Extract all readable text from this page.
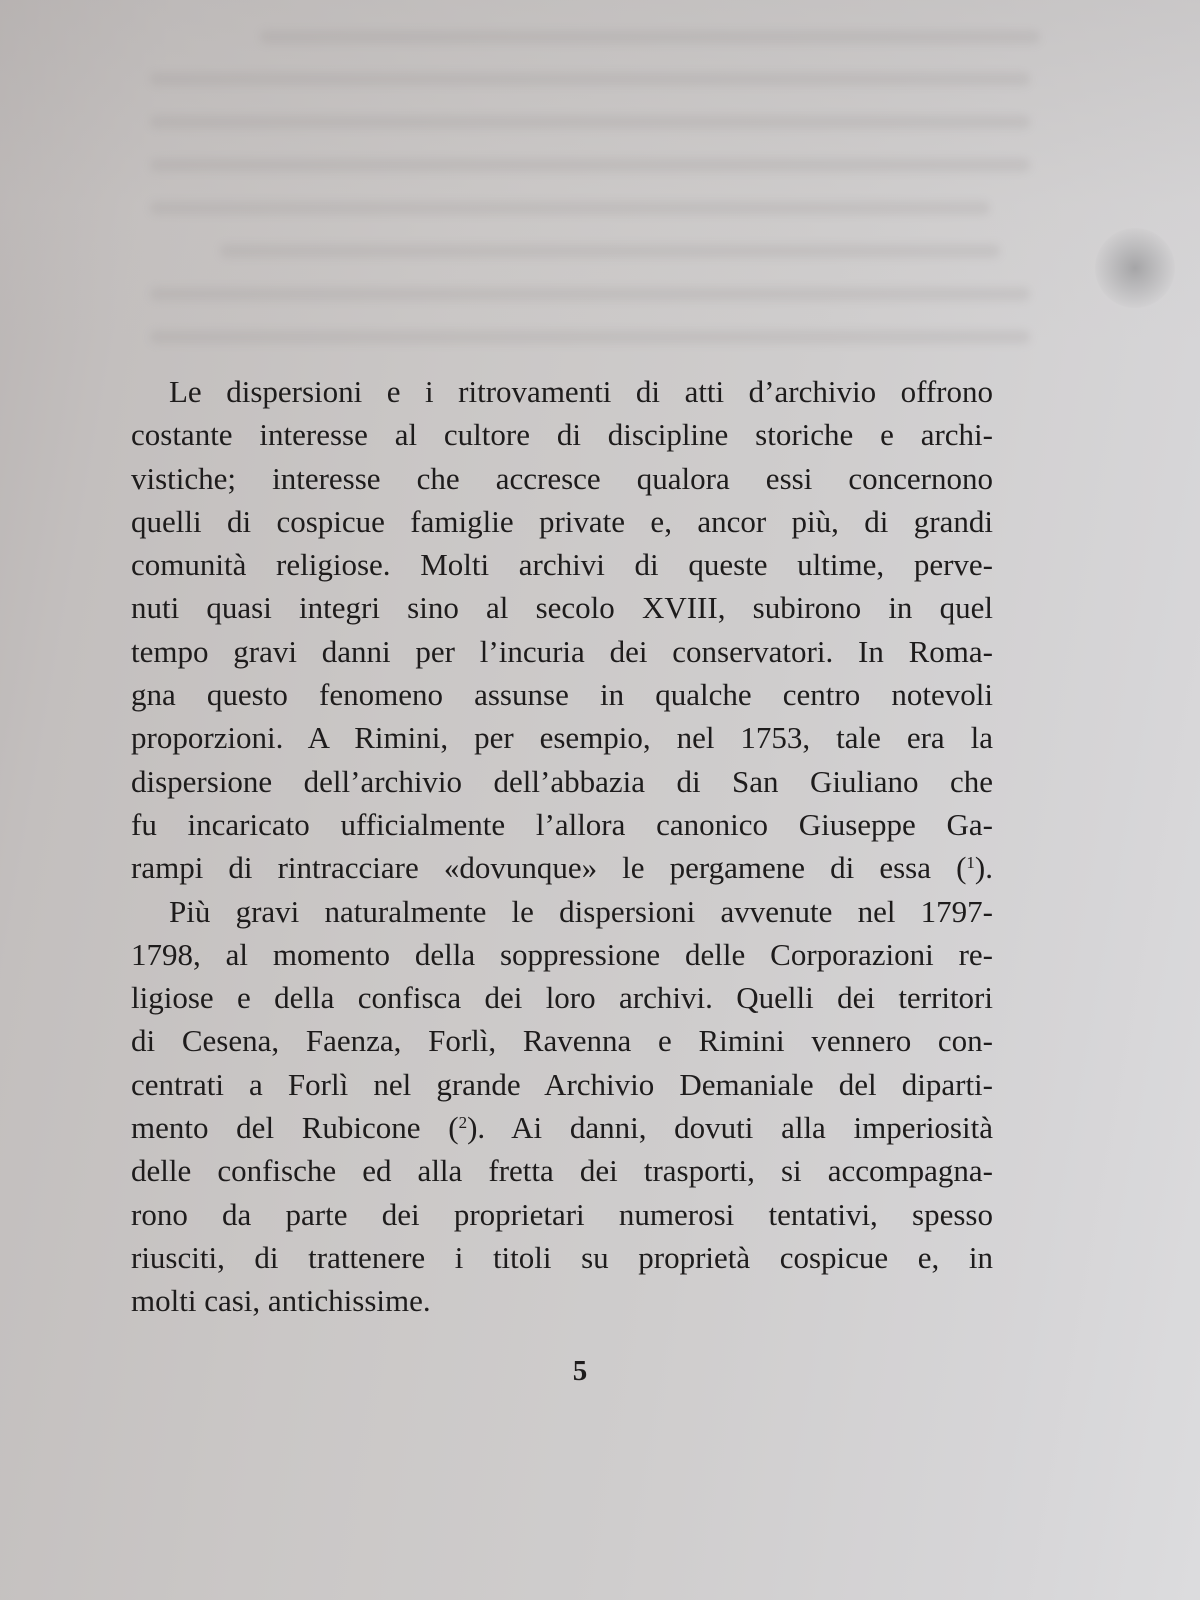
Le dispersioni e i ritrovamenti di atti d’archivio offrono
costante interesse al cultore di discipline storiche e archi-
vistiche; interesse che accresce qualora essi concernono
quelli di cospicue famiglie private e, ancor più, di grandi
comunità religiose. Molti archivi di queste ultime, perve-
nuti quasi integri sino al secolo XVIII, subirono in quel
tempo gravi danni per l’incuria dei conservatori. In Roma-
gna questo fenomeno assunse in qualche centro notevoli
proporzioni. A Rimini, per esempio, nel 1753, tale era la
dispersione dell’archivio dell’abbazia di San Giuliano che
fu incaricato ufficialmente l’allora canonico Giuseppe Ga-
rampi di rintracciare «dovunque» le pergamene di essa ($^1$).
Più gravi naturalmente le dispersioni avvenute nel 1797-
1798, al momento della soppressione delle Corporazioni re-
ligiose e della confisca dei loro archivi. Quelli dei territori
di Cesena, Faenza, Forlì, Ravenna e Rimini vennero con-
centrati a Forlì nel grande Archivio Demaniale del diparti-
mento del Rubicone ($^2$). Ai danni, dovuti alla imperiosità
delle confische ed alla fretta dei trasporti, si accompagna-
rono da parte dei proprietari numerosi tentativi, spesso
riusciti, di trattenere i titoli su proprietà cospicue e, in
molti casi, antichissime.
5
